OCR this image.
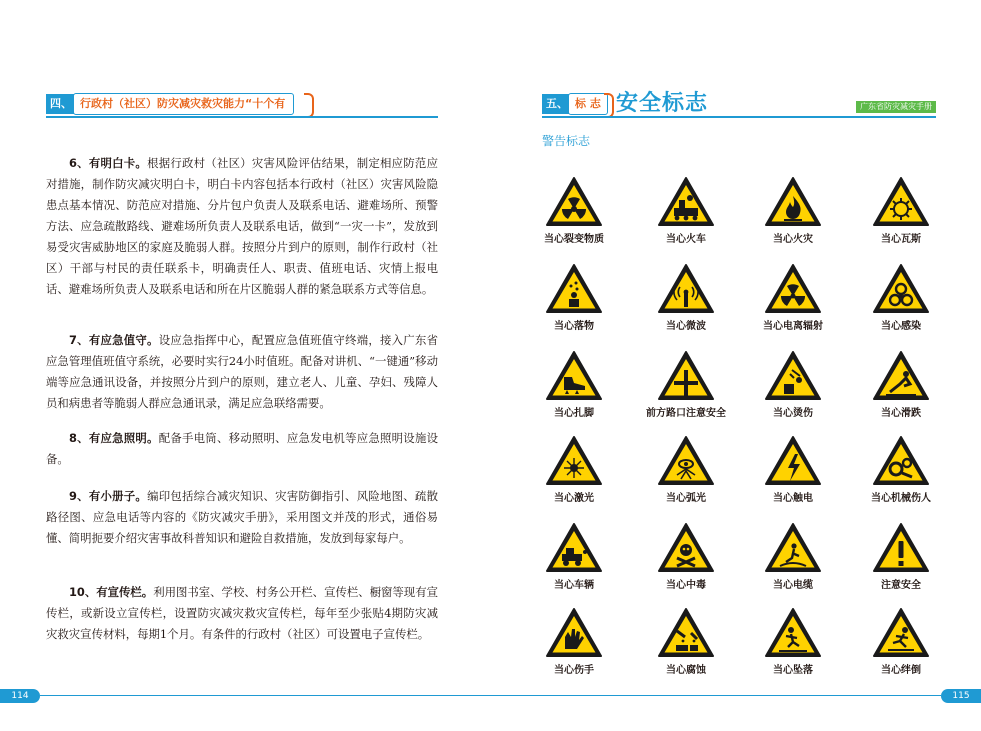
四、 行政村（社区）防灾减灾救灾能力“十个有

6、有明白卡。根据行政村（社区）灾害风险评估结果，制定相应防范应对措施，制作防灾减灾明白卡，明白卡内容包括本行政村（社区）灾害风险隐患点基本情况、防范应对措施、分片包户负责人及联系电话、避难场所、预警方法、应急疏散路线、避难场所负责人及联系电话，做到“一灾一卡”，发放到易受灾害威胁地区的家庭及脆弱人群。按照分片到户的原则，制作行政村（社区）干部与村民的责任联系卡，明确责任人、职责、值班电话、灾情上报电话、避难场所负责人及联系电话和所在片区脆弱人群的紧急联系方式等信息。

7、有应急值守。设应急指挥中心，配置应急值班值守终端，接入广东省应急管理值班值守系统，必要时实行24小时值班。配备对讲机、“一键通”移动端等应急通讯设备，并按照分片到户的原则，建立老人、儿童、孕妇、残障人员和病患者等脆弱人群应急通讯录，满足应急联络需要。

8、有应急照明。配备手电筒、移动照明、应急发电机等应急照明设施设备。

9、有小册子。编印包括综合减灾知识、灾害防御指引、风险地图、疏散路径图、应急电话等内容的《防灾减灾手册》，采用图文并茂的形式，通俗易懂、简明扼要介绍灾害事故科普知识和避险自救措施，发放到每家每户。

10、有宣传栏。利用图书室、学校、村务公开栏、宣传栏、橱窗等现有宣传栏，或新设立宣传栏，设置防灾减灾救灾宣传栏，每年至少张贴4期防灾减灾救灾宣传材料，每期1个月。有条件的行政村（社区）可设置电子宣传栏。

114
五、 标 志 安全标志	广东省防灾减灾手册
警告标志
当心裂变物质	当心火车	当心火灾	当心瓦斯
当心落物	当心微波	当心电离辐射	当心感染
当心扎脚	前方路口注意安全	当心烫伤	当心滑跌
当心激光	当心弧光	当心触电	当心机械伤人
当心车辆	当心中毒	当心电缆	注意安全
当心伤手	当心腐蚀	当心坠落	当心绊倒
115
